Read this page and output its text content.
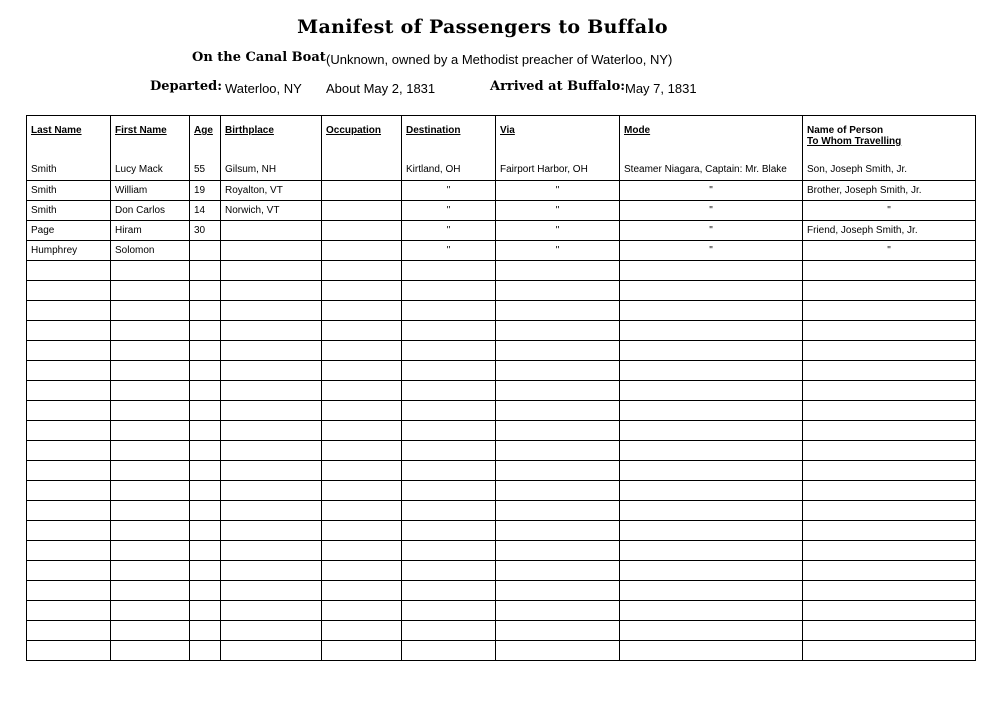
Manifest of Passengers to Buffalo
On the Canal Boat (Unknown, owned by a Methodist preacher of Waterloo, NY)
Departed: Waterloo, NY About May 2, 1831	Arrived at Buffalo: May 7, 1831
Last Name	First Name	Age	Birthplace	Occupation	Destination	Via	Mode	Name of Person
To Whom Travelling

Smith	Lucy Mack	55	Gilsum, NH		Kirtland, OH	Fairport Harbor, OH	Steamer Niagara, Captain: Mr. Blake	Son, Joseph Smith, Jr.
Smith	William	19	Royalton, VT		"	"	"	Brother, Joseph Smith, Jr.
Smith	Don Carlos	14	Norwich, VT		"	"	"	"
Page	Hiram	30			"	"	"	Friend, Joseph Smith, Jr.
Humphrey	Solomon				"	"	"	"
